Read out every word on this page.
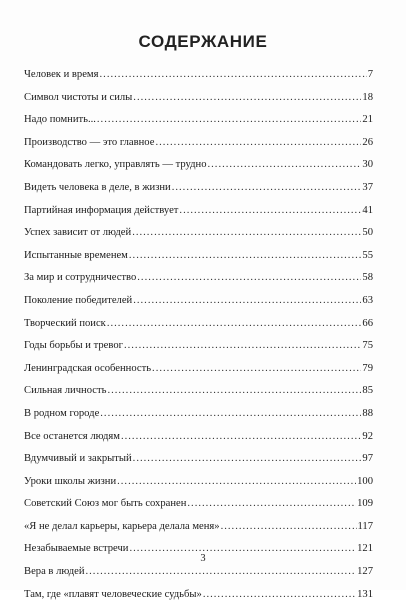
СОДЕРЖАНИЕ
Человек и время .....	7
Символ чистоты и силы .....	18
Надо помнить... .....	21
Производство — это главное .....	26
Командовать легко, управлять — трудно .....	30
Видеть человека в деле, в жизни .....	37
Партийная информация действует .....	41
Успех зависит от людей .....	50
Испытанные временем .....	55
За мир и сотрудничество .....	58
Поколение победителей .....	63
Творческий поиск .....	66
Годы борьбы и тревог .....	75
Ленинградская особенность .....	79
Сильная личность .....	85
В родном городе .....	88
Все останется людям .....	92
Вдумчивый и закрытый .....	97
Уроки школы жизни .....	100
Советский Союз мог быть сохранен .....	109
«Я не делал карьеры, карьера делала меня» .....	117
Незабываемые встречи .....	121
Вера в людей .....	127
Там, где «плавят человеческие судьбы» .....	131
3
